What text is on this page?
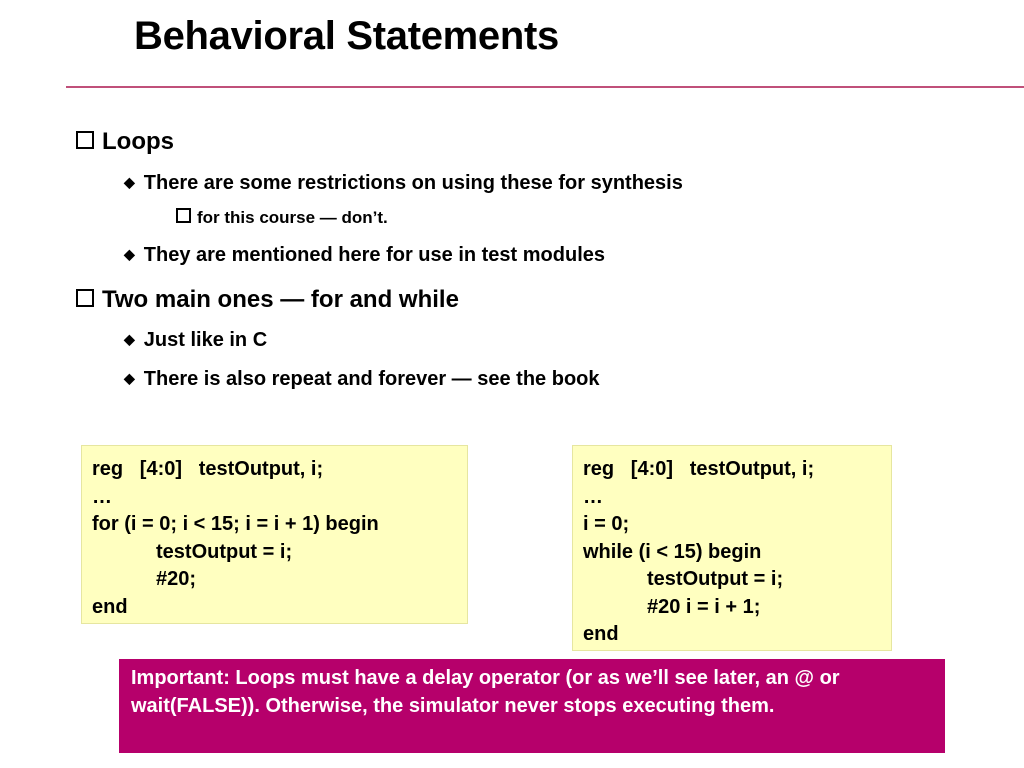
Behavioral Statements
Loops
◆ There are some restrictions on using these for synthesis
for this course — don’t.
◆ They are mentioned here for use in test modules
Two main ones — for and while
◆ Just like in C
◆ There is also repeat and forever — see the book
reg   [4:0]   testOutput, i;
…
for (i = 0; i < 15; i = i + 1) begin
testOutput = i;
#20;
end
reg   [4:0]   testOutput, i;
…
i = 0;
while (i < 15) begin
testOutput = i;
#20 i = i + 1;
end
Important: Loops must have a delay operator (or as we’ll see later, an @ or wait(FALSE)). Otherwise, the simulator never stops executing them.
